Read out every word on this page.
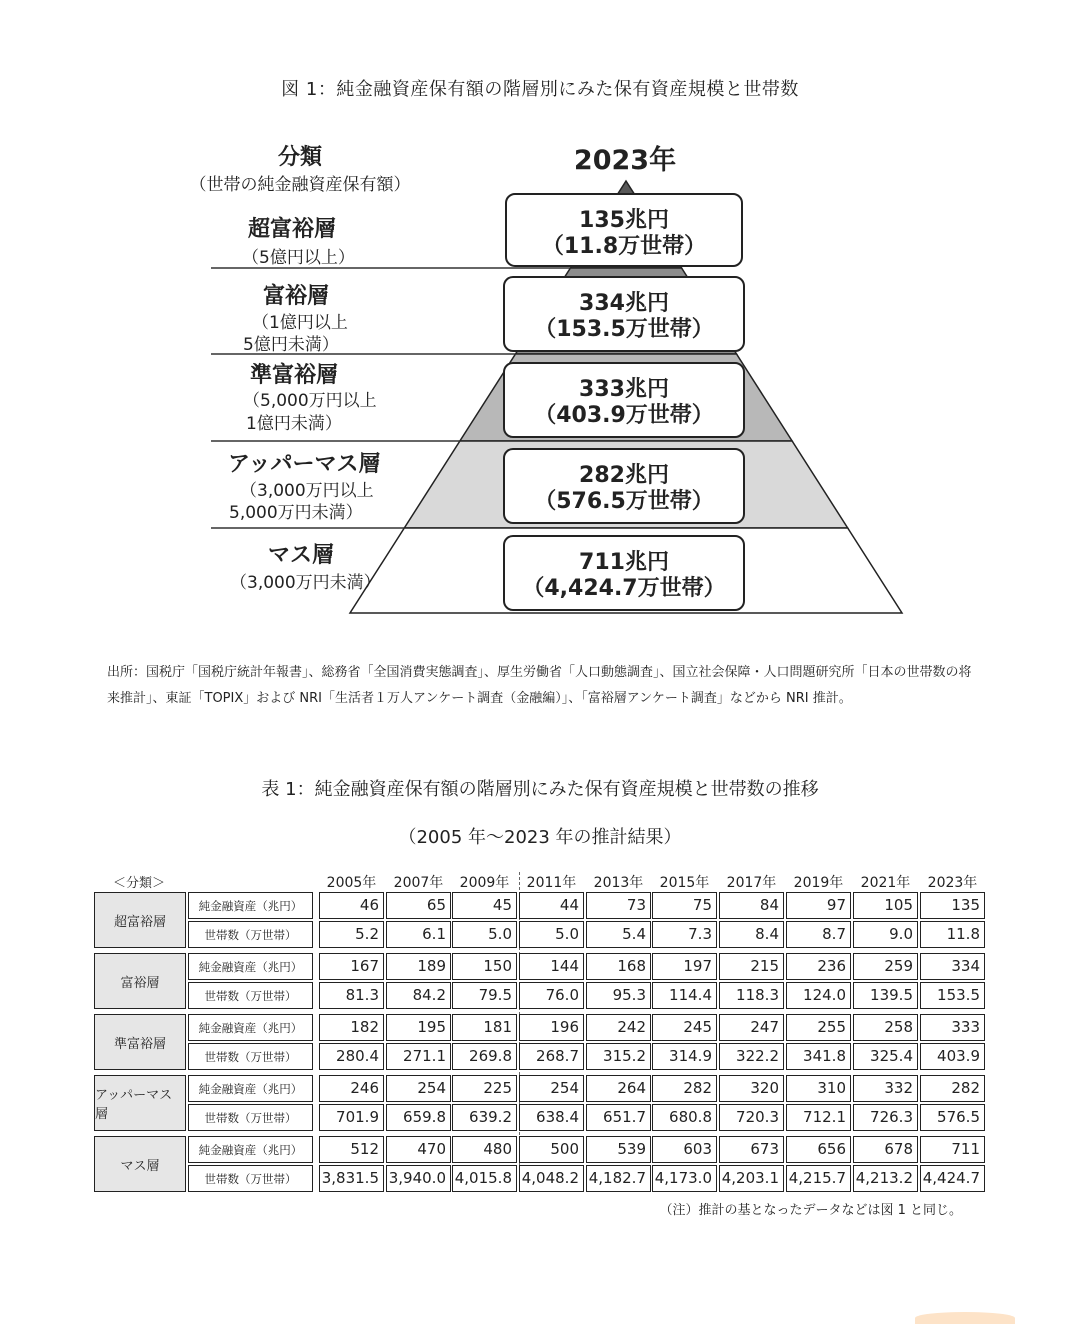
図 1：純金融資産保有額の階層別にみた保有資産規模と世帯数
分類
（世帯の純金融資産保有額）
2023年
超富裕層
（5億円以上）
135兆円
（11.8万世帯）
富裕層
（1億円以上
5億円未満）
334兆円
（153.5万世帯）
準富裕層
（5,000万円以上
1億円未満）
333兆円
（403.9万世帯）
アッパーマス層
（3,000万円以上
5,000万円未満）
282兆円
（576.5万世帯）
マス層
（3,000万円未満）
711兆円
（4,424.7万世帯）
出所：国税庁「国税庁統計年報書」、総務省「全国消費実態調査」、厚生労働省「人口動態調査」、国立社会保障・人口問題研究所「日本の世帯数の将来推計」、東証「TOPIX」および NRI「生活者１万人アンケート調査（金融編）」、「富裕層アンケート調査」などから NRI 推計。
表 1：純金融資産保有額の階層別にみた保有資産規模と世帯数の推移
（2005 年～2023 年の推計結果）
＜分類＞	2005年	2007年	2009年	2011年	2013年	2015年	2017年	2019年	2021年	2023年
超富裕層
純金融資産（兆円）	46	65	45	44	73	75	84	97	105	135
世帯数（万世帯）	5.2	6.1	5.0	5.0	5.4	7.3	8.4	8.7	9.0	11.8
富裕層
純金融資産（兆円）	167	189	150	144	168	197	215	236	259	334
世帯数（万世帯）	81.3	84.2	79.5	76.0	95.3	114.4	118.3	124.0	139.5	153.5
準富裕層
純金融資産（兆円）	182	195	181	196	242	245	247	255	258	333
世帯数（万世帯）	280.4	271.1	269.8	268.7	315.2	314.9	322.2	341.8	325.4	403.9
アッパーマス層
純金融資産（兆円）	246	254	225	254	264	282	320	310	332	282
世帯数（万世帯）	701.9	659.8	639.2	638.4	651.7	680.8	720.3	712.1	726.3	576.5
マス層
純金融資産（兆円）	512	470	480	500	539	603	673	656	678	711
世帯数（万世帯）	3,831.5 3,940.0 4,015.8 4,048.2 4,182.7 4,173.0 4,203.1 4,215.7 4,213.2 4,424.7
（注）推計の基となったデータなどは図 1 と同じ。
